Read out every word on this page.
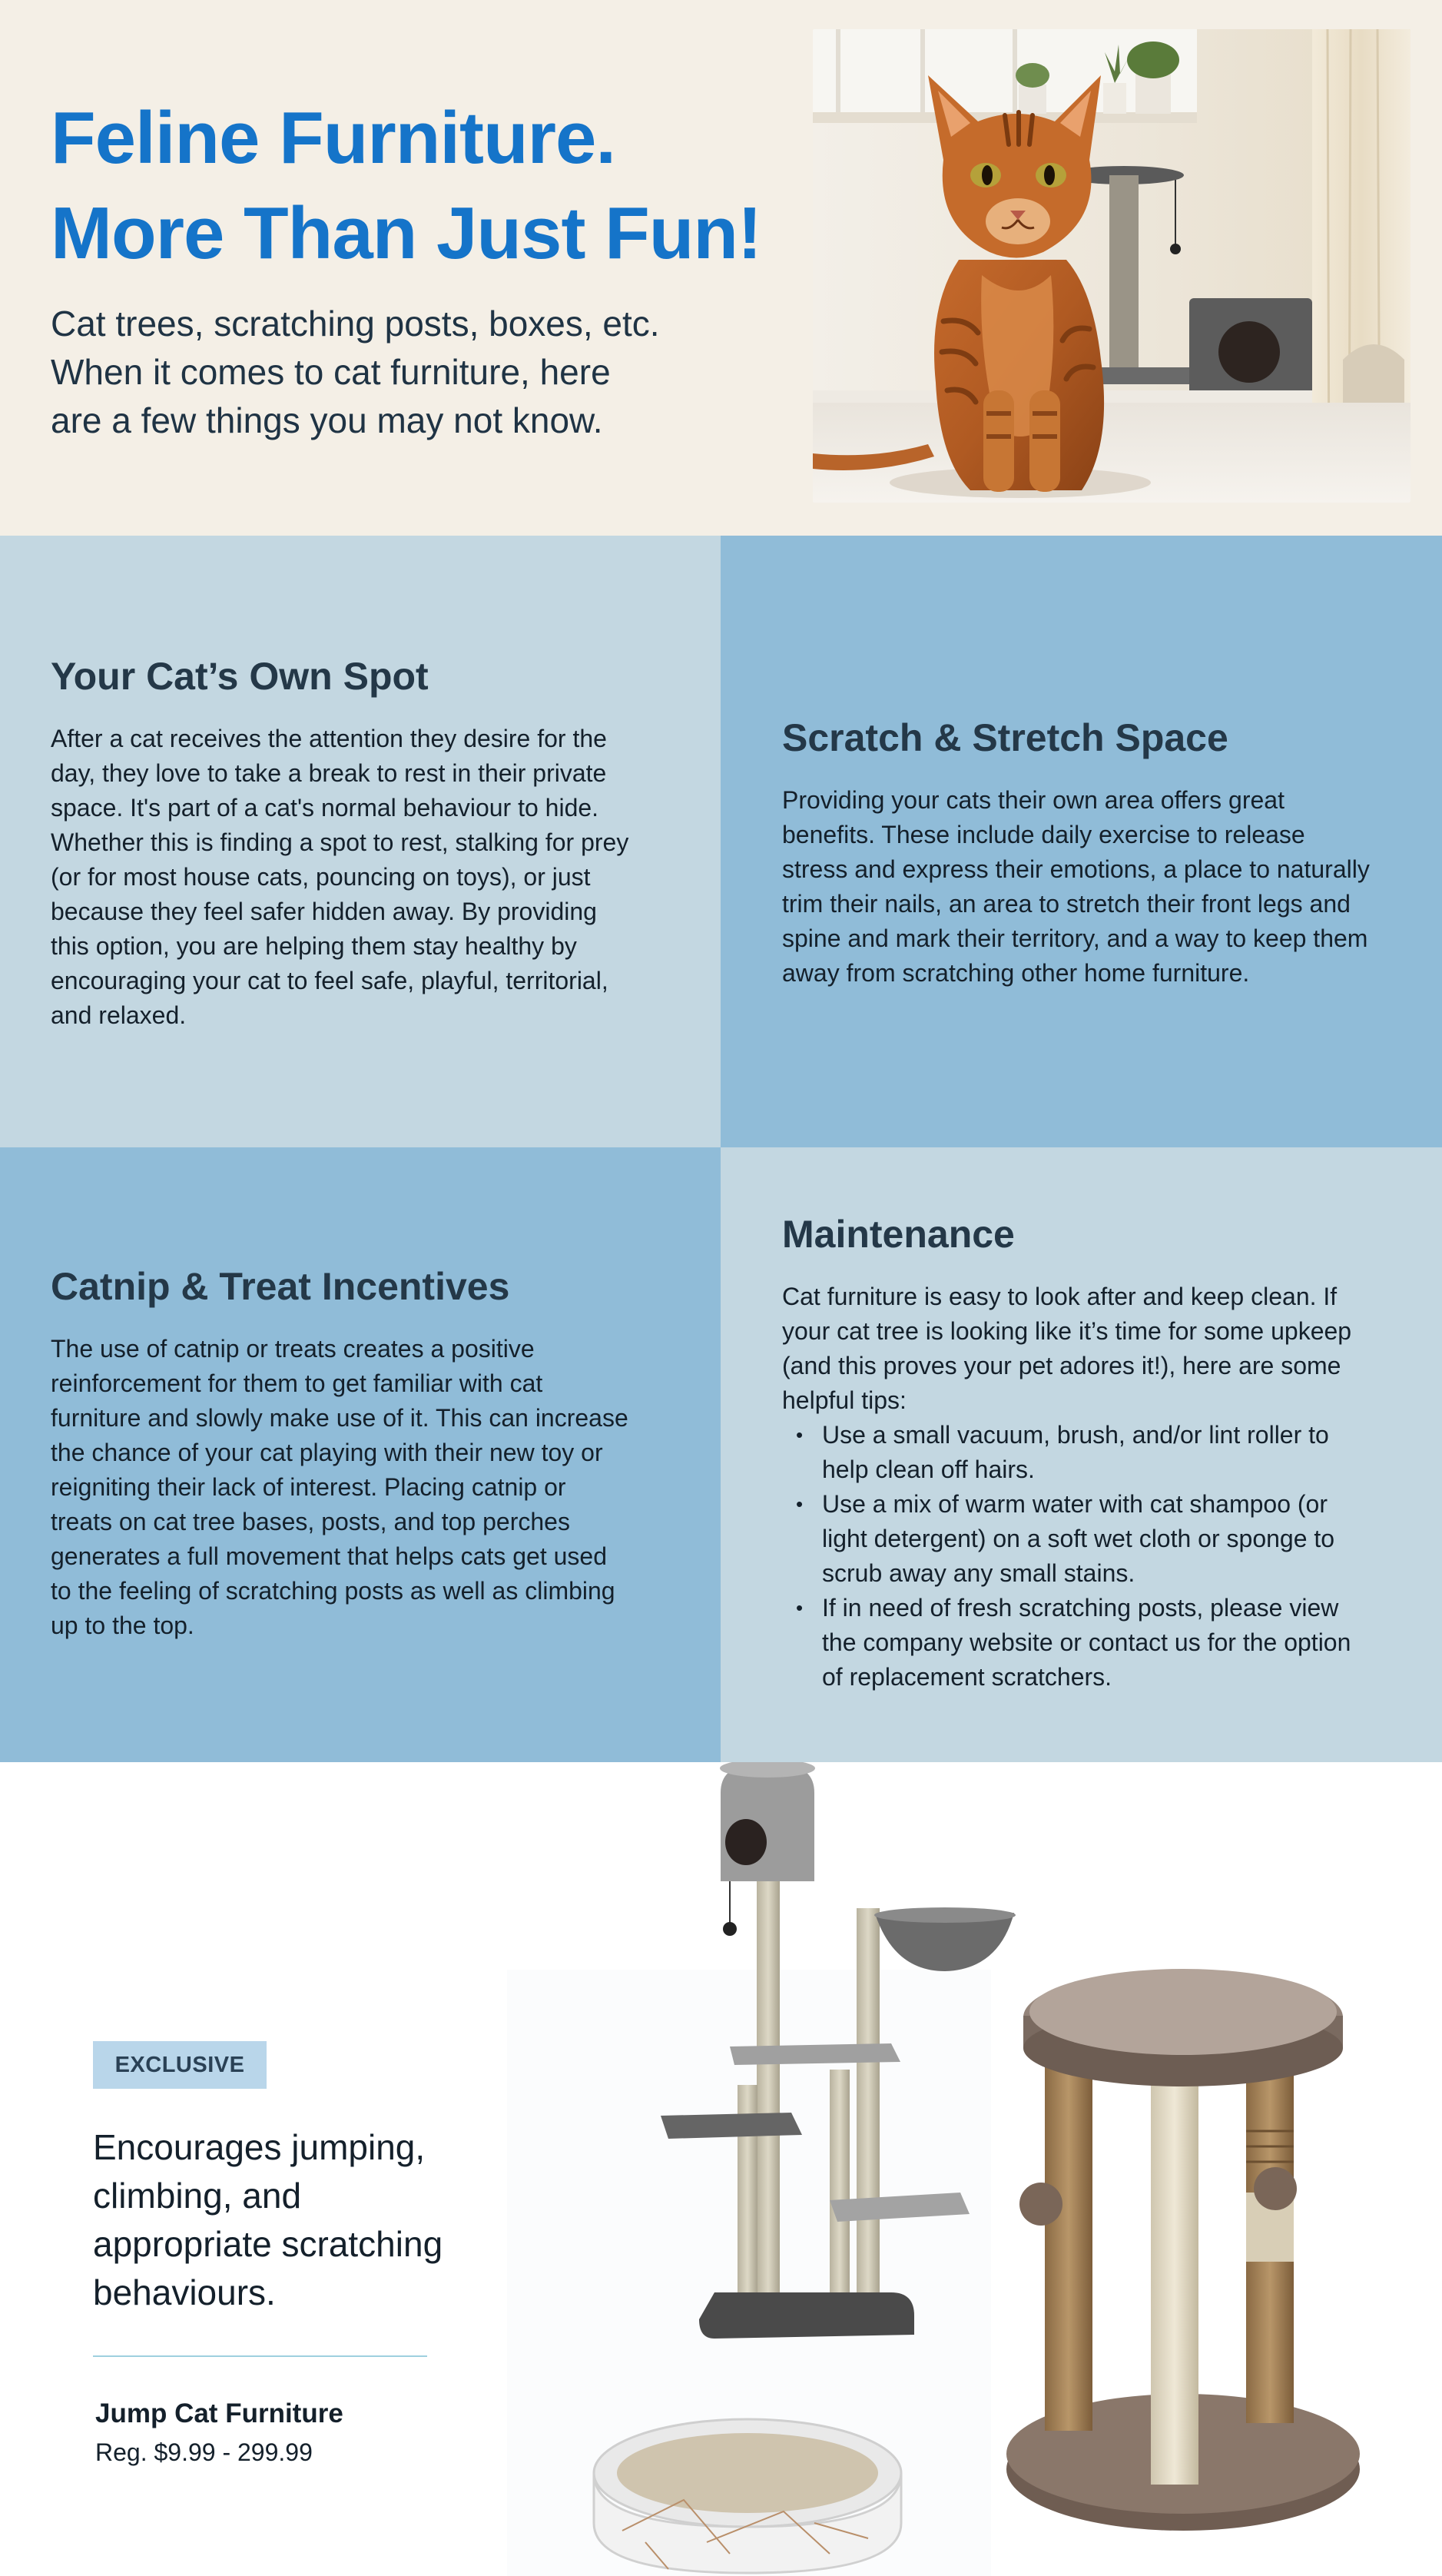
Feline Furniture.
More Than Just Fun!

Cat trees, scratching posts, boxes, etc.
When it comes to cat furniture, here
are a few things you may not know.

Your Cat’s Own Spot

After a cat receives the attention they desire for the
day, they love to take a break to rest in their private
space. It's part of a cat's normal behaviour to hide.
Whether this is finding a spot to rest, stalking for prey
(or for most house cats, pouncing on toys), or just
because they feel safer hidden away. By providing
this option, you are helping them stay healthy by
encouraging your cat to feel safe, playful, territorial,
and relaxed.

Scratch & Stretch Space

Providing your cats their own area offers great
benefits. These include daily exercise to release
stress and express their emotions, a place to naturally
trim their nails, an area to stretch their front legs and
spine and mark their territory, and a way to keep them
away from scratching other home furniture.

Catnip & Treat Incentives

The use of catnip or treats creates a positive
reinforcement for them to get familiar with cat
furniture and slowly make use of it. This can increase
the chance of your cat playing with their new toy or
reigniting their lack of interest. Placing catnip or
treats on cat tree bases, posts, and top perches
generates a full movement that helps cats get used
to the feeling of scratching posts as well as climbing
up to the top.

Maintenance

Cat furniture is easy to look after and keep clean. If
your cat tree is looking like it’s time for some upkeep
(and this proves your pet adores it!), here are some
helpful tips:

• Use a small vacuum, brush, and/or lint roller to
help clean off hairs.
• Use a mix of warm water with cat shampoo (or
light detergent) on a soft wet cloth or sponge to
scrub away any small stains.
• If in need of fresh scratching posts, please view
the company website or contact us for the option
of replacement scratchers.
EXCLUSIVE

Encourages jumping,
climbing, and
appropriate scratching
behaviours.

Jump Cat Furniture
Reg. $9.99 - 299.99
